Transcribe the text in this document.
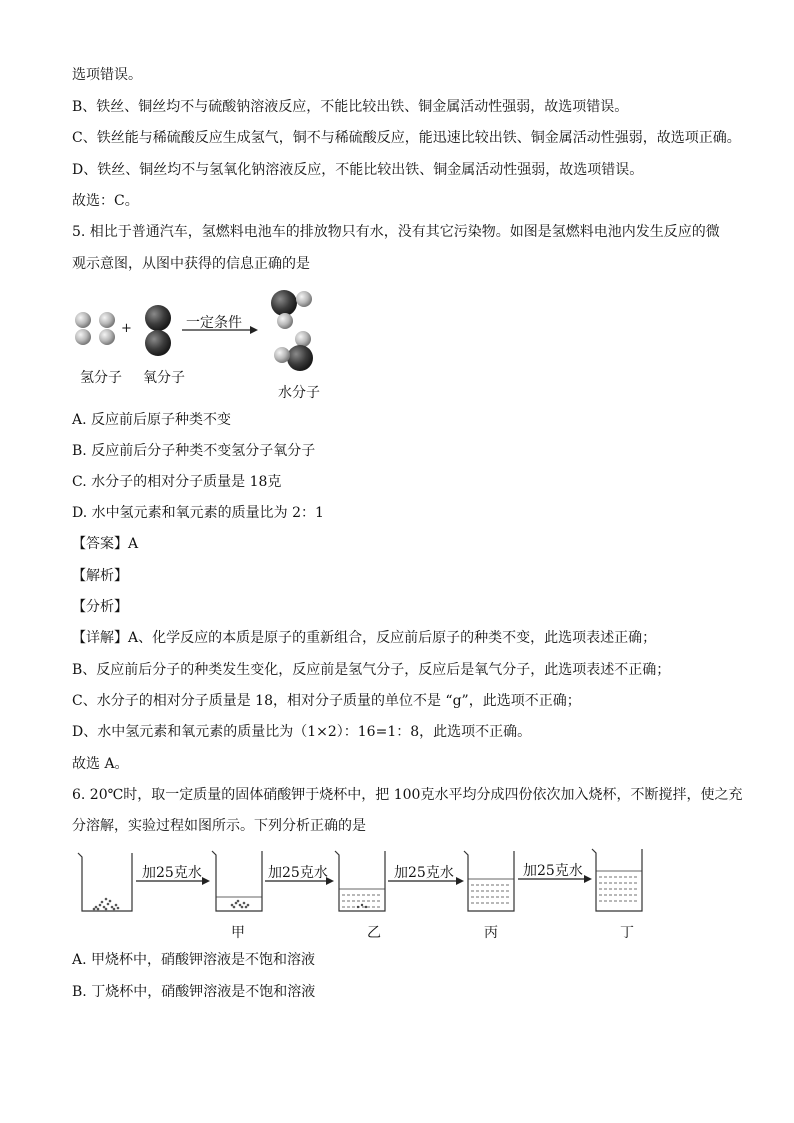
选项错误。
B、铁丝、铜丝均不与硫酸钠溶液反应，不能比较出铁、铜金属活动性强弱，故选项错误。
C、铁丝能与稀硫酸反应生成氢气，铜不与稀硫酸反应，能迅速比较出铁、铜金属活动性强弱，故选项正确。
D、铁丝、铜丝均不与氢氧化钠溶液反应，不能比较出铁、铜金属活动性强弱，故选项错误。
故选：C。
5. 相比于普通汽车，氢燃料电池车的排放物只有水，没有其它污染物。如图是氢燃料电池内发生反应的微
观示意图，从图中获得的信息正确的是
+	一定条件
氢分子 氧分子
水分子
A. 反应前后原子种类不变
B. 反应前后分子种类不变氢分子氧分子
C. 水分子的相对分子质量是 18克
D. 水中氢元素和氧元素的质量比为 2：1
【答案】A
【解析】
【分析】
【详解】A、化学反应的本质是原子的重新组合，反应前后原子的种类不变，此选项表述正确；
B、反应前后分子的种类发生变化，反应前是氢气分子，反应后是氧气分子，此选项表述不正确；
C、水分子的相对分子质量是 18，相对分子质量的单位不是 “g”，此选项不正确；
D、水中氢元素和氧元素的质量比为（1×2）：16=1：8，此选项不正确。
故选 A。
6. 20℃时，取一定质量的固体硝酸钾于烧杯中，把 100克水平均分成四份依次加入烧杯，不断搅拌，使之充
分溶解，实验过程如图所示。下列分析正确的是
加25克水	加25克水	加25克水	加25克水
甲	乙	丙	丁
A. 甲烧杯中，硝酸钾溶液是不饱和溶液
B. 丁烧杯中，硝酸钾溶液是不饱和溶液
